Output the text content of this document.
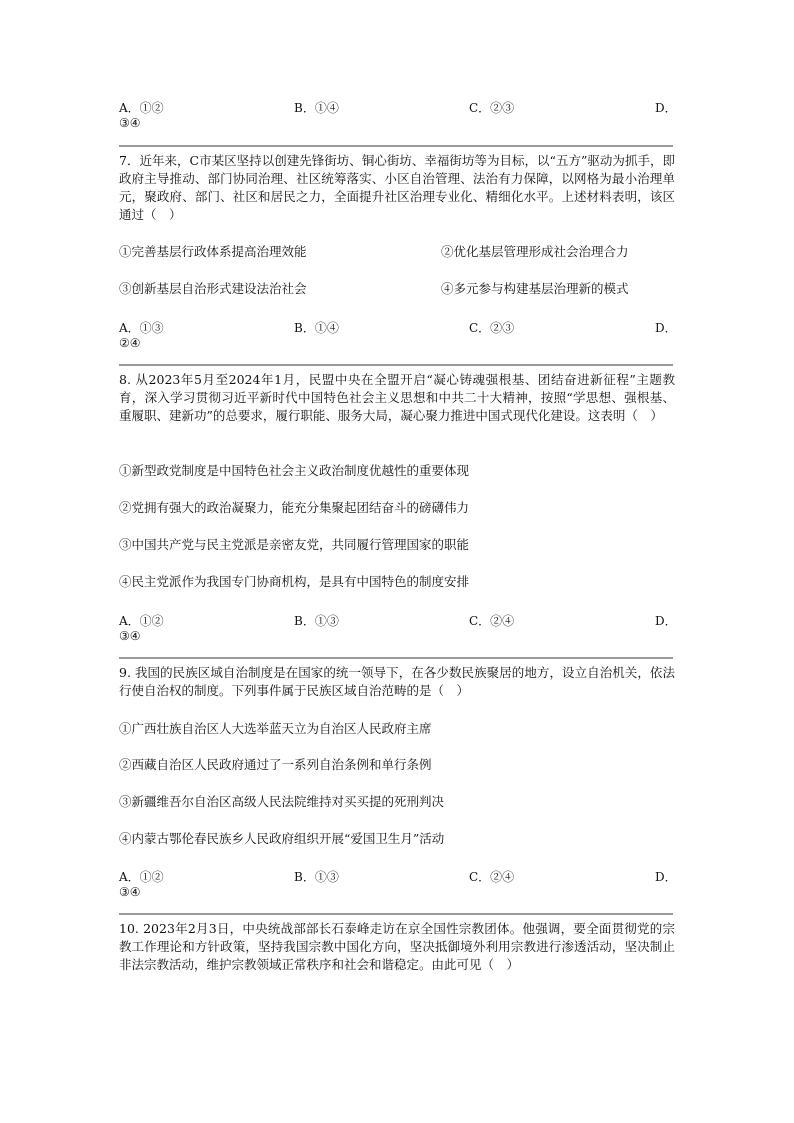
A．①②	B．①④	C．②③	D．
③④
7．近年来，C市某区坚持以创建先锋街坊、铜心街坊、幸福街坊等为目标，以“五方”驱动为抓手，即政府主导推动、部门协同治理、社区统筹落实、小区自治管理、法治有力保障，以网格为最小治理单元，聚政府、部门、社区和居民之力，全面提升社区治理专业化、精细化水平。上述材料表明，该区通过（　）
①完善基层行政体系提高治理效能	②优化基层管理形成社会治理合力
③创新基层自治形式建设法治社会	④多元参与构建基层治理新的模式
A．①③	B．①④	C．②③	D．
②④
8. 从2023年5月至2024年1月，民盟中央在全盟开启“凝心铸魂强根基、团结奋进新征程”主题教育，深入学习贯彻习近平新时代中国特色社会主义思想和中共二十大精神，按照“学思想、强根基、重履职、建新功”的总要求，履行职能、服务大局，凝心聚力推进中国式现代化建设。这表明（　）
①新型政党制度是中国特色社会主义政治制度优越性的重要体现
②党拥有强大的政治凝聚力，能充分集聚起团结奋斗的磅礴伟力
③中国共产党与民主党派是亲密友党，共同履行管理国家的职能
④民主党派作为我国专门协商机构，是具有中国特色的制度安排
A．①②	B．①③	C．②④	D．
③④
9. 我国的民族区域自治制度是在国家的统一领导下，在各少数民族聚居的地方，设立自治机关，依法行使自治权的制度。下列事件属于民族区域自治范畴的是（　）
①广西壮族自治区人大选举蓝天立为自治区人民政府主席
②西藏自治区人民政府通过了一系列自治条例和单行条例
③新疆维吾尔自治区高级人民法院维持对买买提的死刑判决
④内蒙古鄂伦春民族乡人民政府组织开展“爱国卫生月”活动
A．①②	B．①③	C．②④	D．
③④
10. 2023年2月3日，中央统战部部长石泰峰走访在京全国性宗教团体。他强调，要全面贯彻党的宗教工作理论和方针政策，坚持我国宗教中国化方向，坚决抵御境外利用宗教进行渗透活动，坚决制止非法宗教活动，维护宗教领域正常秩序和社会和谐稳定。由此可见（　）
